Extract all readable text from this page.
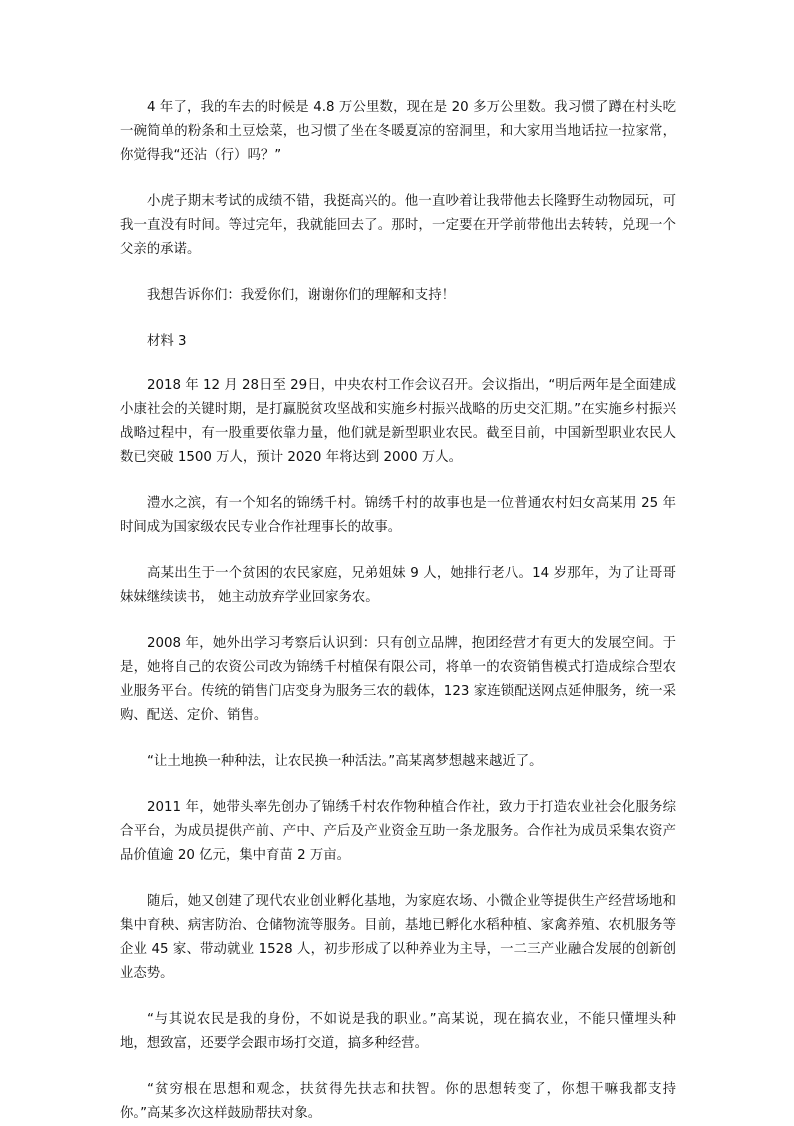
4 年了，我的车去的时候是 4.8 万公里数，现在是 20 多万公里数。我习惯了蹲在村头吃一碗简单的粉条和土豆烩菜，也习惯了坐在冬暖夏凉的窑洞里，和大家用当地话拉一拉家常，你觉得我“还沾（行）吗？”

小虎子期末考试的成绩不错，我挺高兴的。他一直吵着让我带他去长隆野生动物园玩，可我一直没有时间。等过完年，我就能回去了。那时，一定要在开学前带他出去转转，兑现一个父亲的承诺。

我想告诉你们：我爱你们，谢谢你们的理解和支持！

材料 3

2018 年 12 月 28日至 29日，中央农村工作会议召开。会议指出，“明后两年是全面建成小康社会的关键时期，是打赢脱贫攻坚战和实施乡村振兴战略的历史交汇期。”在实施乡村振兴战略过程中，有一股重要依靠力量，他们就是新型职业农民。截至目前，中国新型职业农民人数已突破 1500 万人，预计 2020 年将达到 2000 万人。

澧水之滨，有一个知名的锦绣千村。锦绣千村的故事也是一位普通农村妇女高某用 25 年时间成为国家级农民专业合作社理事长的故事。

高某出生于一个贫困的农民家庭，兄弟姐妹 9 人，她排行老八。14 岁那年，为了让哥哥妹妹继续读书， 她主动放弃学业回家务农。

2008 年，她外出学习考察后认识到：只有创立品牌，抱团经营才有更大的发展空间。于是，她将自己的农资公司改为锦绣千村植保有限公司，将单一的农资销售模式打造成综合型农业服务平台。传统的销售门店变身为服务三农的载体，123 家连锁配送网点延伸服务，统一采购、配送、定价、销售。

“让土地换一种种法，让农民换一种活法。”高某离梦想越来越近了。

2011 年，她带头率先创办了锦绣千村农作物种植合作社，致力于打造农业社会化服务综合平台，为成员提供产前、产中、产后及产业资金互助一条龙服务。合作社为成员采集农资产品价值逾 20 亿元，集中育苗 2 万亩。

随后，她又创建了现代农业创业孵化基地，为家庭农场、小微企业等提供生产经营场地和集中育秧、病害防治、仓储物流等服务。目前，基地已孵化水稻种植、家禽养殖、农机服务等企业 45 家、带动就业 1528 人，初步形成了以种养业为主导，一二三产业融合发展的创新创业态势。

“与其说农民是我的身份，不如说是我的职业。”高某说，现在搞农业，不能只懂埋头种地，想致富，还要学会跟市场打交道，搞多种经营。

“贫穷根在思想和观念，扶贫得先扶志和扶智。你的思想转变了，你想干嘛我都支持你。”高某多次这样鼓励帮扶对象。
